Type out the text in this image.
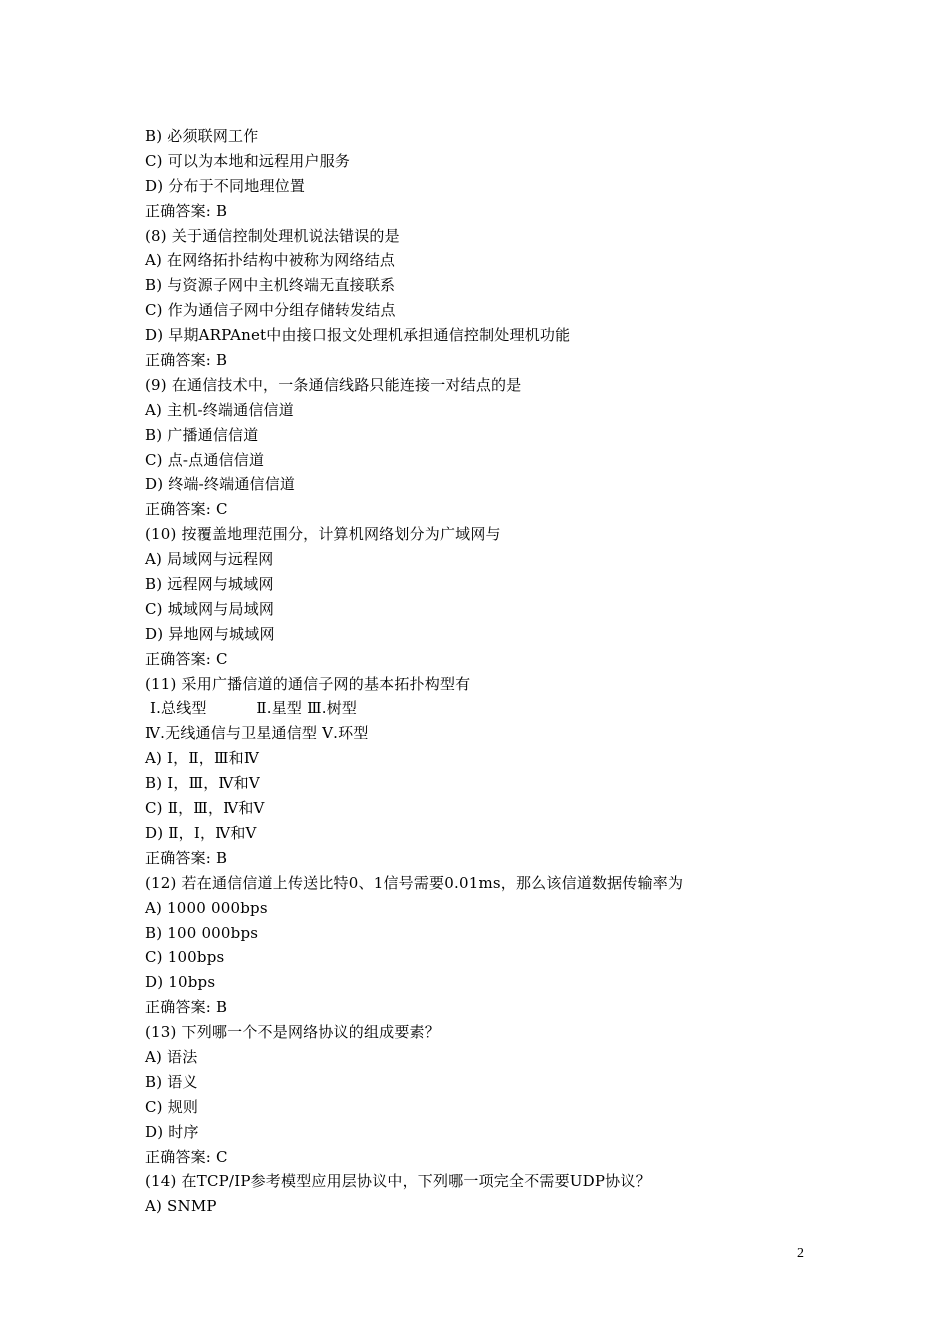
B) 必须联网工作
C) 可以为本地和远程用户服务
D) 分布于不同地理位置
正确答案: B
(8) 关于通信控制处理机说法错误的是
A) 在网络拓扑结构中被称为网络结点
B) 与资源子网中主机终端无直接联系
C) 作为通信子网中分组存储转发结点
D) 早期ARPAnet中由接口报文处理机承担通信控制处理机功能
正确答案: B
(9) 在通信技术中，一条通信线路只能连接一对结点的是
A) 主机-终端通信信道
B) 广播通信信道
C) 点-点通信信道
D) 终端-终端通信信道
正确答案: C
(10) 按覆盖地理范围分，计算机网络划分为广域网与
A) 局域网与远程网
B) 远程网与城域网
C) 城域网与局域网
D) 异地网与城域网
正确答案: C
(11) 采用广播信道的通信子网的基本拓扑构型有
Ⅰ.总线型          Ⅱ.星型 Ⅲ.树型
Ⅳ.无线通信与卫星通信型 Ⅴ.环型
A) Ⅰ，Ⅱ，Ⅲ和Ⅳ
B) Ⅰ，Ⅲ，Ⅳ和Ⅴ
C) Ⅱ，Ⅲ，Ⅳ和Ⅴ
D) Ⅱ，Ⅰ，Ⅳ和Ⅴ
正确答案: B
(12) 若在通信信道上传送比特0、1信号需要0.01ms，那么该信道数据传输率为
A) 1000 000bps
B) 100 000bps
C) 100bps
D) 10bps
正确答案: B
(13) 下列哪一个不是网络协议的组成要素？
A) 语法
B) 语义
C) 规则
D) 时序
正确答案: C
(14) 在TCP/IP参考模型应用层协议中，下列哪一项完全不需要UDP协议？
A) SNMP
2
